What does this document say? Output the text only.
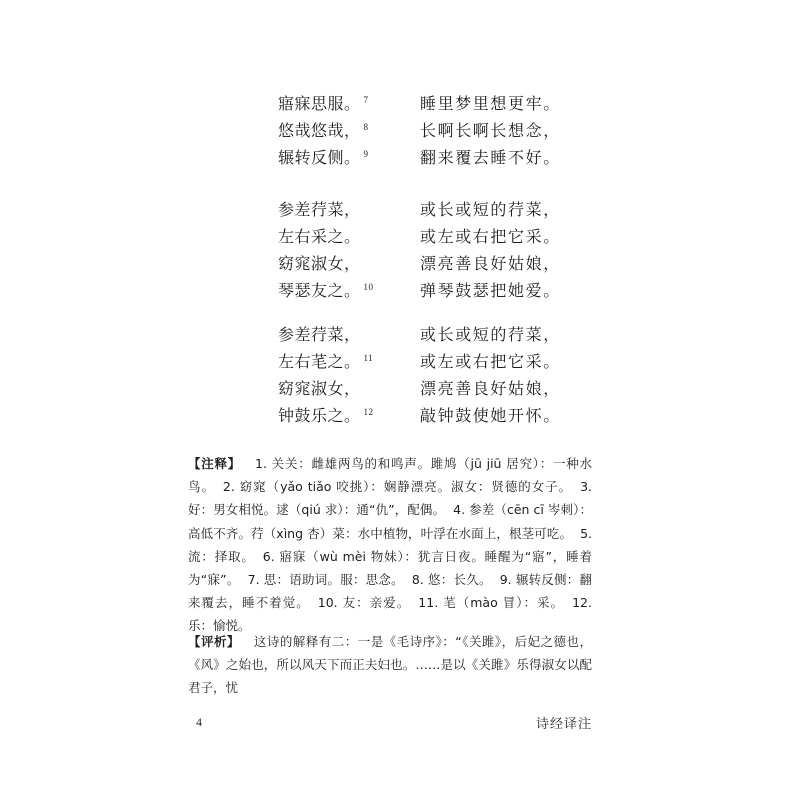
寤寐思服。 $^7$	睡里梦里想更牢。
悠哉悠哉， $^8$	长啊长啊长想念，
辗转反侧。 $^9$	翻来覆去睡不好。
参差荇菜，	或长或短的荇菜，
左右采之。	或左或右把它采。
窈窕淑女，	漂亮善良好姑娘，
琴瑟友之。 $^{10}$	弹琴鼓瑟把她爱。
参差荇菜，	或长或短的荇菜，
左右芼之。 $^{11}$	或左或右把它采。
窈窕淑女，	漂亮善良好姑娘，
钟鼓乐之。 $^{12}$	敲钟鼓使她开怀。
【注释】 1. 关关：雌雄两鸟的和鸣声。雎鸠（jū jiū 居究）：一种水鸟。 2. 窈窕（yǎo tiǎo 咬挑）：娴静漂亮。淑女：贤德的女子。 3. 好：男女相悦。逑（qiú 求）：通“仇”，配偶。 4. 参差（cēn cī 岑刺）：高低不齐。荇（xìng 杏）菜：水中植物，叶浮在水面上，根茎可吃。 5. 流：择取。 6. 寤寐（wù mèi 物妹）：犹言日夜。睡醒为“寤”，睡着为“寐”。 7. 思：语助词。服：思念。 8. 悠：长久。 9. 辗转反侧：翻来覆去，睡不着觉。 10. 友：亲爱。 11. 芼（mào 冒）：采。 12. 乐：愉悦。
【评析】 这诗的解释有二：一是《毛诗序》：“《关雎》，后妃之德也，《风》之始也，所以风天下而正夫妇也。……是以《关雎》乐得淑女以配君子，忧
4	诗经译注
